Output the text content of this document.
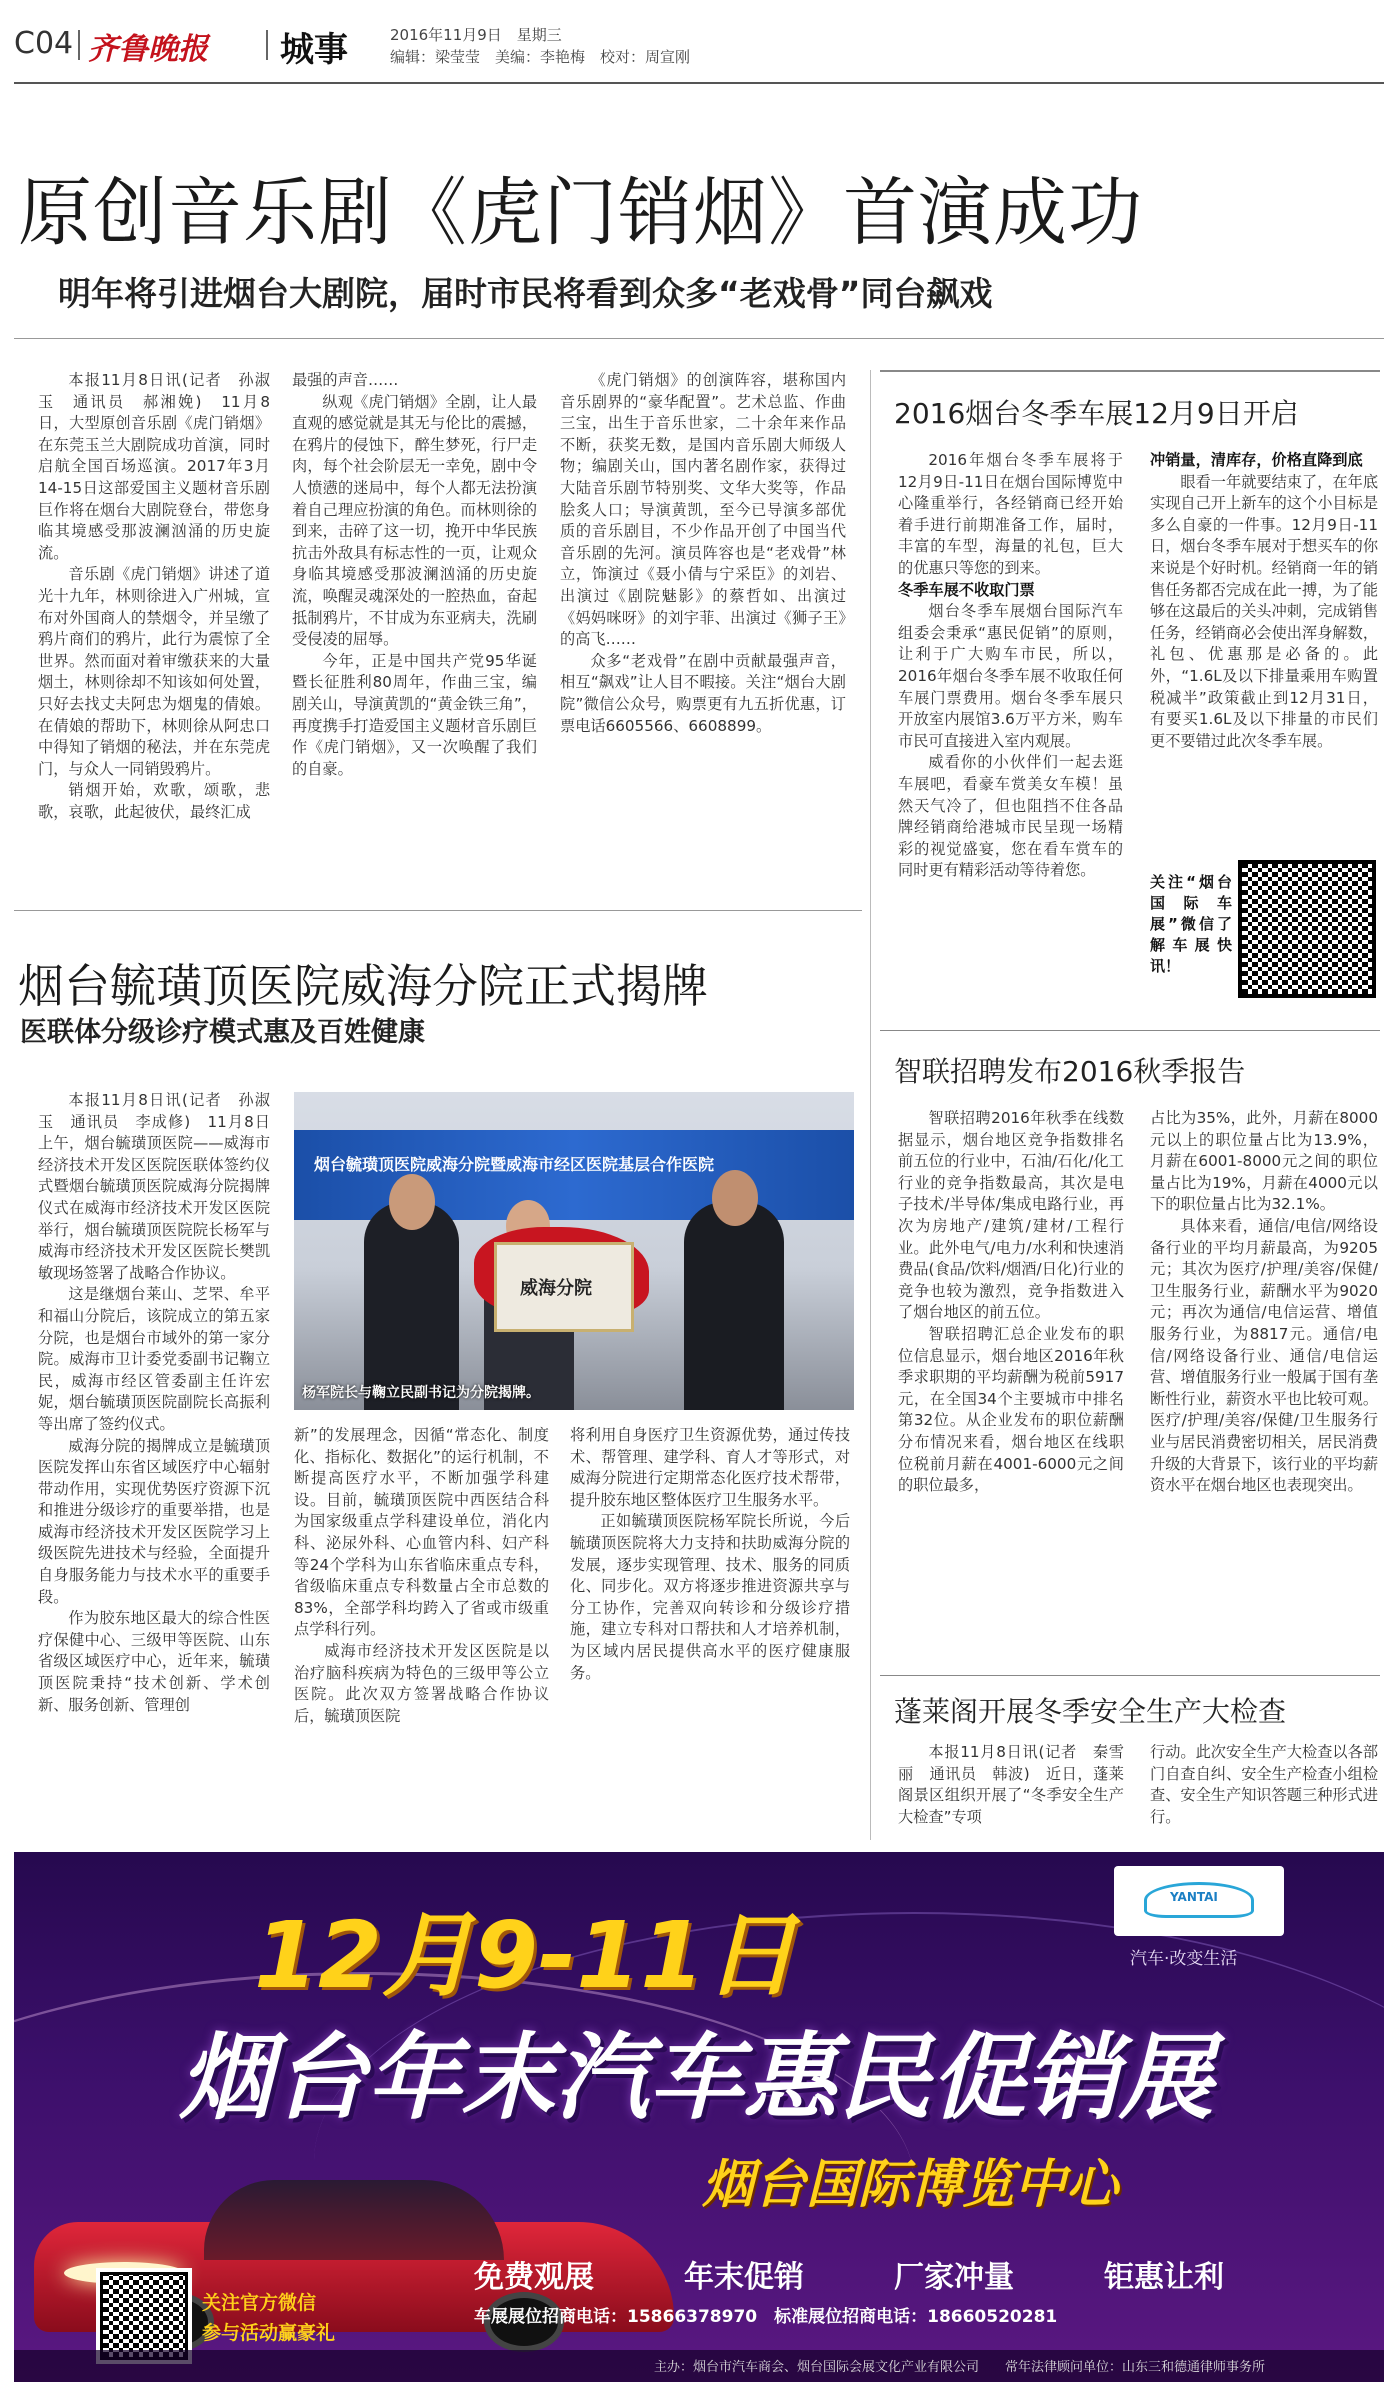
C04 齐鲁晚报 城事	2016年11月9日　星期三
编辑：梁莹莹　美编：李艳梅　校对：周宣刚
原创音乐剧《虎门销烟》首演成功
明年将引进烟台大剧院，届时市民将看到众多“老戏骨”同台飙戏

本报11月8日讯(记者　孙淑玉　通讯员　郝湘娩)　11月8日，大型原创音乐剧《虎门销烟》在东莞玉兰大剧院成功首演，同时启航全国百场巡演。2017年3月14-15日这部爱国主义题材音乐剧巨作将在烟台大剧院登台，带您身临其境感受那波澜汹涌的历史旋流。

音乐剧《虎门销烟》讲述了道光十九年，林则徐进入广州城，宣布对外国商人的禁烟令，并呈缴了鸦片商们的鸦片，此行为震惊了全世界。然而面对着审缴获来的大量烟土，林则徐却不知该如何处置，只好去找丈夫阿忠为烟鬼的倩娘。在倩娘的帮助下，林则徐从阿忠口中得知了销烟的秘法，并在东莞虎门，与众人一同销毁鸦片。

销烟开始，欢歌，颂歌，悲歌，哀歌，此起彼伏，最终汇成

最强的声音……

纵观《虎门销烟》全剧，让人最直观的感觉就是其无与伦比的震撼，在鸦片的侵蚀下，醉生梦死，行尸走肉，每个社会阶层无一幸免，剧中令人愤懑的迷局中，每个人都无法扮演着自己理应扮演的角色。而林则徐的到来，击碎了这一切，挽开中华民族抗击外敌具有标志性的一页，让观众身临其境感受那波澜汹涌的历史旋流，唤醒灵魂深处的一腔热血，奋起抵制鸦片，不甘成为东亚病夫，洗刷受侵凌的屈辱。

今年，正是中国共产党95华诞暨长征胜利80周年，作曲三宝，编剧关山，导演黄凯的“黄金铁三角”，再度携手打造爱国主义题材音乐剧巨作《虎门销烟》，又一次唤醒了我们的自豪。

《虎门销烟》的创演阵容，堪称国内音乐剧界的“豪华配置”。艺术总监、作曲三宝，出生于音乐世家，二十余年来作品不断，获奖无数，是国内音乐剧大师级人物；编剧关山，国内著名剧作家，获得过大陆音乐剧节特别奖、文华大奖等，作品脍炙人口；导演黄凯，至今已导演多部优质的音乐剧目，不少作品开创了中国当代音乐剧的先河。演员阵容也是“老戏骨”林立，饰演过《聂小倩与宁采臣》的刘岩、出演过《剧院魅影》的蔡哲如、出演过《妈妈咪呀》的刘宇菲、出演过《狮子王》的高飞……

众多“老戏骨”在剧中贡献最强声音，相互“飙戏”让人目不暇接。关注“烟台大剧院”微信公众号，购票更有九五折优惠，订票电话6605566、6608899。

2016烟台冬季车展12月9日开启

2016年烟台冬季车展将于12月9日-11日在烟台国际博览中心隆重举行，各经销商已经开始着手进行前期准备工作，届时，丰富的车型，海量的礼包，巨大的优惠只等您的到来。

冬季车展不收取门票

烟台冬季车展烟台国际汽车组委会秉承“惠民促销”的原则，让利于广大购车市民，所以，2016年烟台冬季车展不收取任何车展门票费用。烟台冬季车展只开放室内展馆3.6万平方米，购车市民可直接进入室内观展。

威看你的小伙伴们一起去逛车展吧，看豪车赏美女车模！虽然天气冷了，但也阻挡不住各品牌经销商给港城市民呈现一场精彩的视觉盛宴，您在看车赏车的同时更有精彩活动等待着您。

冲销量，清库存，价格直降到底

眼看一年就要结束了，在年底实现自己开上新车的这个小目标是多么自豪的一件事。12月9日-11日，烟台冬季车展对于想买车的你来说是个好时机。经销商一年的销售任务都否完成在此一搏，为了能够在这最后的关头冲刺，完成销售任务，经销商必会使出浑身解数，礼包、优惠那是必备的。此外，“1.6L及以下排量乘用车购置税减半”政策截止到12月31日，有要买1.6L及以下排量的市民们更不要错过此次冬季车展。

关注“烟台国际车展”微信了解车展快讯！
烟台毓璜顶医院威海分院正式揭牌
医联体分级诊疗模式惠及百姓健康

本报11月8日讯(记者　孙淑玉　通讯员　李成修)　11月8日上午，烟台毓璜顶医院——威海市经济技术开发区医院医联体签约仪式暨烟台毓璜顶医院威海分院揭牌仪式在威海市经济技术开发区医院举行，烟台毓璜顶医院院长杨军与威海市经济技术开发区医院长樊凯敏现场签署了战略合作协议。

这是继烟台莱山、芝罘、牟平和福山分院后，该院成立的第五家分院，也是烟台市域外的第一家分院。威海市卫计委党委副书记鞠立民，威海市经区管委副主任许宏妮，烟台毓璜顶医院副院长高振利等出席了签约仪式。

威海分院的揭牌成立是毓璜顶医院发挥山东省区域医疗中心辐射带动作用，实现优势医疗资源下沉和推进分级诊疗的重要举措，也是威海市经济技术开发区医院学习上级医院先进技术与经验，全面提升自身服务能力与技术水平的重要手段。

作为胶东地区最大的综合性医疗保健中心、三级甲等医院、山东省级区域医疗中心，近年来，毓璜顶医院秉持“技术创新、学术创新、服务创新、管理创

烟台毓璜顶医院威海分院暨威海市经区医院基层合作医院
威海分院
杨军院长与鞠立民副书记为分院揭牌。

新”的发展理念，因循“常态化、制度化、指标化、数据化”的运行机制，不断提高医疗水平，不断加强学科建设。目前，毓璜顶医院中西医结合科为国家级重点学科建设单位，消化内科、泌尿外科、心血管内科、妇产科等24个学科为山东省临床重点专科，省级临床重点专科数量占全市总数的83%，全部学科均跨入了省或市级重点学科行列。

威海市经济技术开发区医院是以治疗脑科疾病为特色的三级甲等公立医院。此次双方签署战略合作协议后，毓璜顶医院

将利用自身医疗卫生资源优势，通过传技术、帮管理、建学科、育人才等形式，对威海分院进行定期常态化医疗技术帮带，提升胶东地区整体医疗卫生服务水平。

正如毓璜顶医院杨军院长所说，今后毓璜顶医院将大力支持和扶助威海分院的发展，逐步实现管理、技术、服务的同质化、同步化。双方将逐步推进资源共享与分工协作，完善双向转诊和分级诊疗措施，建立专科对口帮扶和人才培养机制，为区域内居民提供高水平的医疗健康服务。

智联招聘发布2016秋季报告

智联招聘2016年秋季在线数据显示，烟台地区竞争指数排名前五位的行业中，石油/石化/化工行业的竞争指数最高，其次是电子技术/半导体/集成电路行业，再次为房地产/建筑/建材/工程行业。此外电气/电力/水利和快速消费品(食品/饮料/烟酒/日化)行业的竞争也较为激烈，竞争指数进入了烟台地区的前五位。

智联招聘汇总企业发布的职位信息显示，烟台地区2016年秋季求职期的平均薪酬为税前5917元，在全国34个主要城市中排名第32位。从企业发布的职位薪酬分布情况来看，烟台地区在线职位税前月薪在4001-6000元之间的职位最多，

占比为35%，此外，月薪在8000元以上的职位量占比为13.9%，月薪在6001-8000元之间的职位量占比为19%，月薪在4000元以下的职位量占比为32.1%。

具体来看，通信/电信/网络设备行业的平均月薪最高，为9205元；其次为医疗/护理/美容/保健/卫生服务行业，薪酬水平为9020元；再次为通信/电信运营、增值服务行业，为8817元。通信/电信/网络设备行业、通信/电信运营、增值服务行业一般属于国有垄断性行业，薪资水平也比较可观。医疗/护理/美容/保健/卫生服务行业与居民消费密切相关，居民消费升级的大背景下，该行业的平均薪资水平在烟台地区也表现突出。

蓬莱阁开展冬季安全生产大检查

本报11月8日讯(记者　秦雪丽　通讯员　韩波)　近日，蓬莱阁景区组织开展了“冬季安全生产大检查”专项

行动。此次安全生产大检查以各部门自查自纠、安全生产检查小组检查、安全生产知识答题三种形式进行。

YANTAI
汽车·改变生活
12月9-11日
烟台年末汽车惠民促销展
烟台国际博览中心
免费观展	年末促销	厂家冲量	钜惠让利
车展展位招商电话：15866378970　标准展位招商电话：18660520281
关注官方微信
参与活动赢豪礼
主办：烟台市汽车商会、烟台国际会展文化产业有限公司　　常年法律顾问单位：山东三和德通律师事务所
